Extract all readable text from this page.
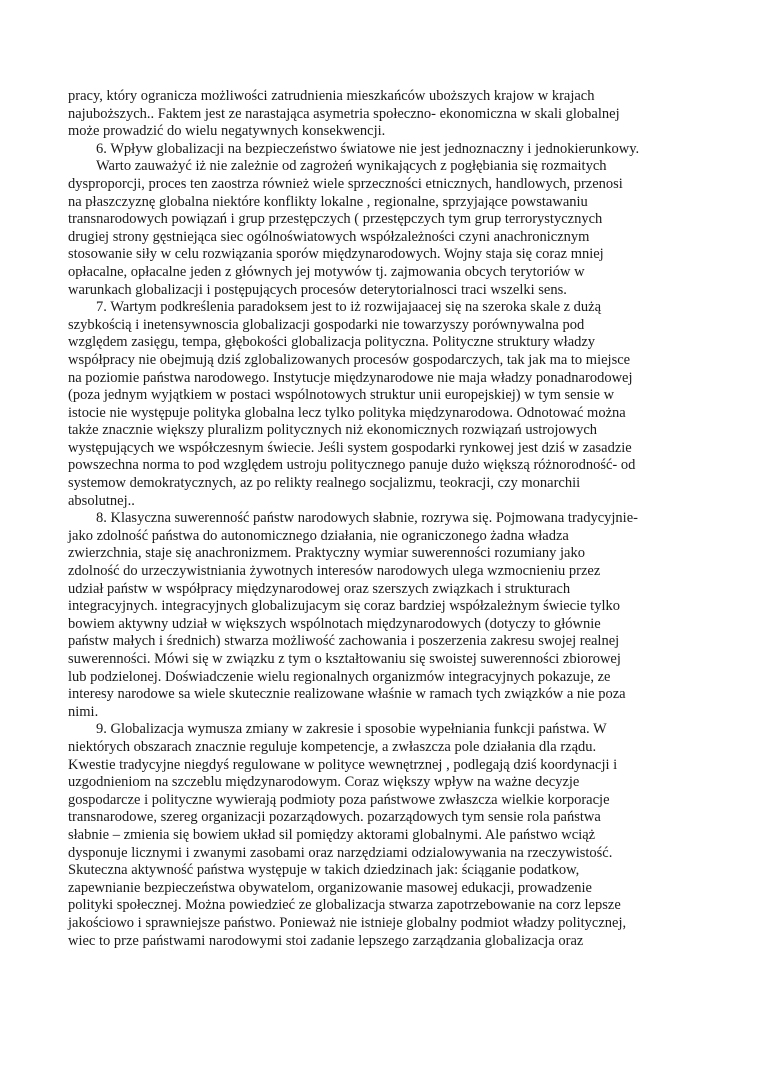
pracy, który ogranicza możliwości zatrudnienia mieszkańców uboższych krajow w krajach
najuboższych.. Faktem jest ze narastająca asymetria społeczno- ekonomiczna w skali globalnej
może prowadzić do wielu negatywnych konsekwencji.
6. Wpływ globalizacji na bezpieczeństwo światowe nie jest jednoznaczny i jednokierunkowy.
Warto zauważyć iż nie zależnie od zagrożeń wynikających z pogłębiania się rozmaitych
dysproporcji, proces ten zaostrza również wiele sprzeczności etnicznych, handlowych, przenosi
na płaszczyznę globalna niektóre konflikty lokalne , regionalne, sprzyjające powstawaniu
transnarodowych powiązań i grup przestępczych ( przestępczych tym grup terrorystycznych
drugiej strony gęstniejąca siec ogólnoświatowych współzależności czyni anachronicznym
stosowanie siły w celu rozwiązania sporów międzynarodowych. Wojny staja się coraz mniej
opłacalne, opłacalne jeden z głównych jej motywów tj. zajmowania obcych terytoriów w
warunkach globalizacji i postępujących procesów deterytorialnosci traci wszelki sens.
7. Wartym podkreślenia paradoksem jest to iż rozwijajaacej się na szeroka skale z dużą
szybkością i inetensywnoscia globalizacji gospodarki nie towarzyszy porównywalna pod
względem zasięgu, tempa, głębokości globalizacja polityczna. Polityczne struktury władzy
współpracy nie obejmują dziś zglobalizowanych procesów gospodarczych, tak jak ma to miejsce
na poziomie państwa narodowego. Instytucje międzynarodowe nie maja władzy ponadnarodowej
(poza jednym wyjątkiem w postaci wspólnotowych struktur unii europejskiej) w tym sensie w
istocie nie występuje polityka globalna lecz tylko polityka międzynarodowa. Odnotować można
także znacznie większy pluralizm politycznych niż ekonomicznych rozwiązań ustrojowych
występujących we współczesnym świecie. Jeśli system gospodarki rynkowej jest dziś w zasadzie
powszechna norma to pod względem ustroju politycznego panuje dużo większą różnorodność- od
systemow demokratycznych, az po relikty realnego socjalizmu, teokracji, czy monarchii
absolutnej..
8. Klasyczna suwerenność państw narodowych słabnie, rozrywa się. Pojmowana tradycyjnie-
jako zdolność państwa do autonomicznego działania, nie ograniczonego żadna władza
zwierzchnia, staje się anachronizmem. Praktyczny wymiar suwerenności rozumiany jako
zdolność do urzeczywistniania żywotnych interesów narodowych ulega wzmocnieniu przez
udział państw w współpracy międzynarodowej oraz szerszych związkach i strukturach
integracyjnych. integracyjnych globalizujacym się coraz bardziej współzależnym świecie tylko
bowiem aktywny udział w większych wspólnotach międzynarodowych (dotyczy to głównie
państw małych i średnich) stwarza możliwość zachowania i poszerzenia zakresu swojej realnej
suwerenności. Mówi się w związku z tym o kształtowaniu się swoistej suwerenności zbiorowej
lub podzielonej. Doświadczenie wielu regionalnych organizmów integracyjnych pokazuje, ze
interesy narodowe sa wiele skutecznie realizowane właśnie w ramach tych związków a nie poza
nimi.
9. Globalizacja wymusza zmiany w zakresie i sposobie wypełniania funkcji państwa. W
niektórych obszarach znacznie reguluje kompetencje, a zwłaszcza pole działania dla rządu.
Kwestie tradycyjne niegdyś regulowane w polityce wewnętrznej , podlegają dziś koordynacji i
uzgodnieniom na szczeblu międzynarodowym. Coraz większy wpływ na ważne decyzje
gospodarcze i polityczne wywierają podmioty poza państwowe zwłaszcza wielkie korporacje
transnarodowe, szereg organizacji pozarządowych. pozarządowych tym sensie rola państwa
słabnie – zmienia się bowiem układ sil pomiędzy aktorami globalnymi. Ale państwo wciąż
dysponuje licznymi i zwanymi zasobami oraz narzędziami odzialowywania na rzeczywistość.
Skuteczna aktywność państwa występuje w takich dziedzinach jak: ściąganie podatkow,
zapewnianie bezpieczeństwa obywatelom, organizowanie masowej edukacji, prowadzenie
polityki społecznej. Można powiedzieć ze globalizacja stwarza zapotrzebowanie na corz lepsze
jakościowo i sprawniejsze państwo. Ponieważ nie istnieje globalny podmiot władzy politycznej,
wiec to prze państwami narodowymi stoi zadanie lepszego zarządzania globalizacja oraz
